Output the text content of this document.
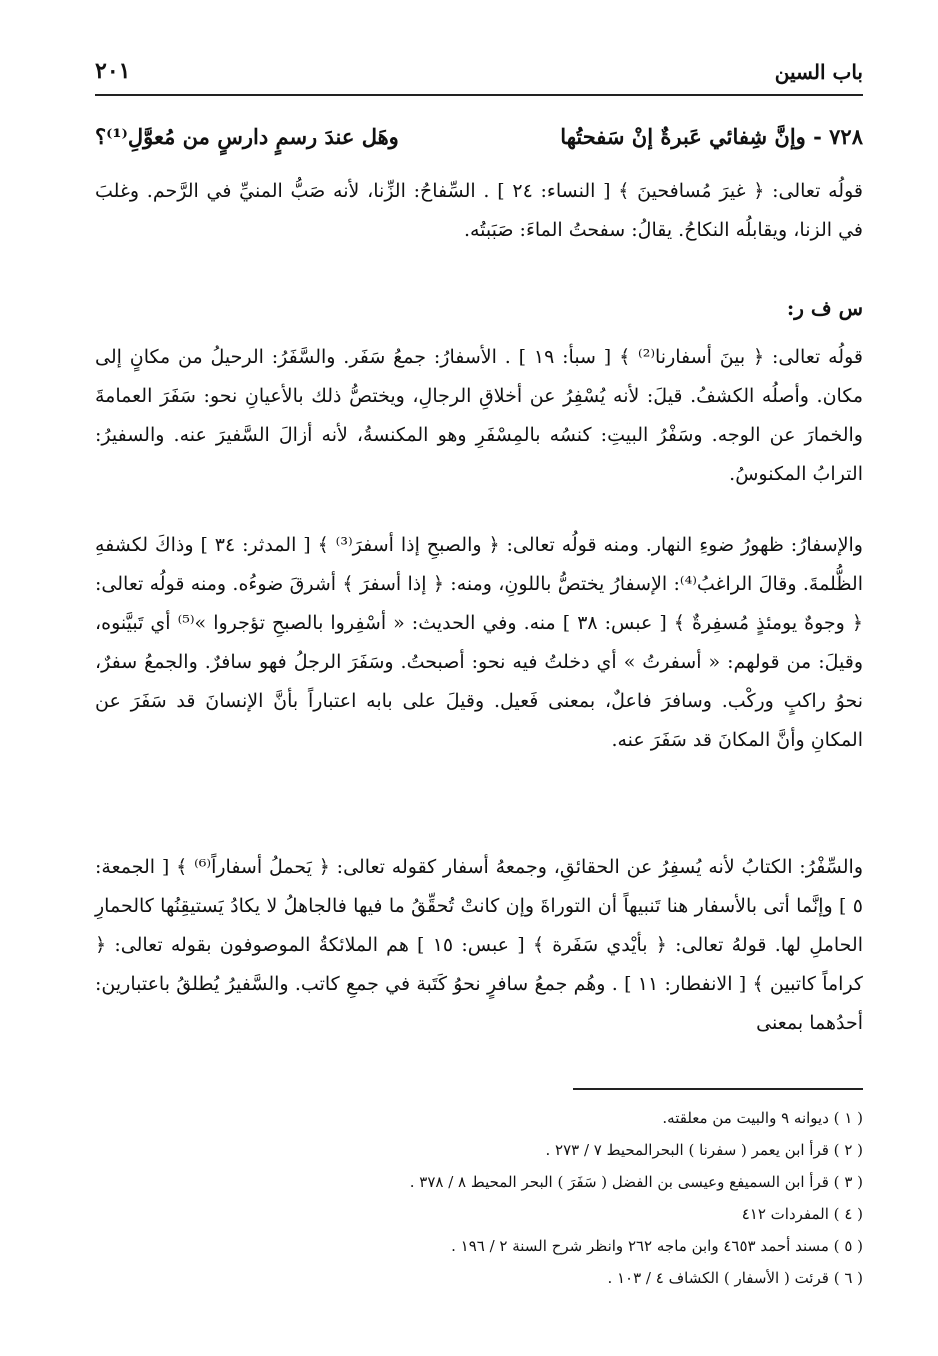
باب السين
٢٠١
٧٢٨ - وإنَّ شِفائي عَبرةٌ إنْ سَفحتُها
وهَل عندَ رسمٍ دارسٍ من مُعوَّلِ⁽¹⁾؟

قولُه تعالى: ﴿ غيرَ مُسافحينَ ﴾ [ النساء: ٢٤ ] . السِّفاحُ: الزِّنا، لأنه صَبُّ المنيِّ في الرَّحم. وغلبَ في الزنا، ويقابلُه النكاحُ. يقالُ: سفحتُ الماءَ: صَبَبتُه.

س ف ر:

قولُه تعالى: ﴿ بينَ أسفارنا⁽²⁾ ﴾ [ سبأ: ١٩ ] . الأسفارُ: جمعُ سَفَر. والسَّفَرُ: الرحيلُ من مكانٍ إلى مكان. وأصلُه الكشفُ. قيلَ: لأنه يُسْفِرُ عن أخلاقِ الرجالِ، ويختصُّ ذلك بالأعيانِ نحو: سَفَرَ العمامةَ والخمارَ عن الوجه. وسَفْرُ البيتِ: كنسُه بالمِسْفَرِ وهو المكنسةُ، لأنه أزالَ السَّفيرَ عنه. والسفيرُ: الترابُ المكنوسُ.

والإسفارُ: ظهورُ ضوءِ النهار. ومنه قولُه تعالى: ﴿ والصبحِ إذا أسفرَ⁽³⁾ ﴾ [ المدثر: ٣٤ ] وذاكَ لكشفهِ الظُّلمةَ. وقالَ الراغبُ⁽⁴⁾: الإسفارُ يختصُّ باللونِ، ومنه: ﴿ إذا أسفرَ ﴾ أشرقَ ضوءُه. ومنه قولُه تعالى: ﴿ وجوهٌ يومئذٍ مُسفِرةٌ ﴾ [ عبس: ٣٨ ] منه. وفي الحديث: « أسْفِروا بالصبحِ تؤجروا »⁽⁵⁾ أي تَبيَّنوه، وقيلَ: من قولهم: « أسفرتُ » أي دخلتُ فيه نحو: أصبحتُ. وسَفَرَ الرجلُ فهو سافرٌ. والجمعُ سفرٌ، نحوُ راكبٍ وركْب. وسافرَ فاعلٌ، بمعنى فَعيل. وقيلَ على بابه اعتباراً بأنَّ الإنسانَ قد سَفَرَ عن المكانِ وأنَّ المكانَ قد سَفَرَ عنه.

والسِّفْرُ: الكتابُ لأنه يُسفِرُ عن الحقائقِ، وجمعهُ أسفار كقوله تعالى: ﴿ يَحملُ أسفاراً⁽⁶⁾ ﴾ [ الجمعة: ٥ ] وإنَّما أتى بالأسفار هنا تَنبيهاً أن التوراةَ وإن كانتْ تُحقِّقُ ما فيها فالجاهلُ لا يكادُ يَستيقِنُها كالحمارِ الحاملِ لها. قولهُ تعالى: ﴿ بأيْدي سَفَرة ﴾ [ عبس: ١٥ ] هم الملائكةُ الموصوفون بقوله تعالى: ﴿ كراماً كاتبين ﴾ [ الانفطار: ١١ ] . وهُم جمعُ سافرٍ نحوُ كَتَبة في جمعِ كاتب. والسَّفيرُ يُطلقُ باعتبارين: أحدُهما بمعنى

( ١ ) ديوانه ٩ والبيت من معلقته.
( ٢ ) قرأ ابن يعمر ( سفرنا ) البحرالمحيط ٧ / ٢٧٣ .
( ٣ ) قرأ ابن السميفع وعيسى بن الفضل ( سَفَرَ ) البحر المحيط ٨ / ٣٧٨ .
( ٤ ) المفردات ٤١٢
( ٥ ) مسند أحمد ٤٦٥٣ وابن ماجه ٢٦٢ وانظر شرح السنة ٢ / ١٩٦ .
( ٦ ) قرئت ( الأسفار ) الكشاف ٤ / ١٠٣ .
